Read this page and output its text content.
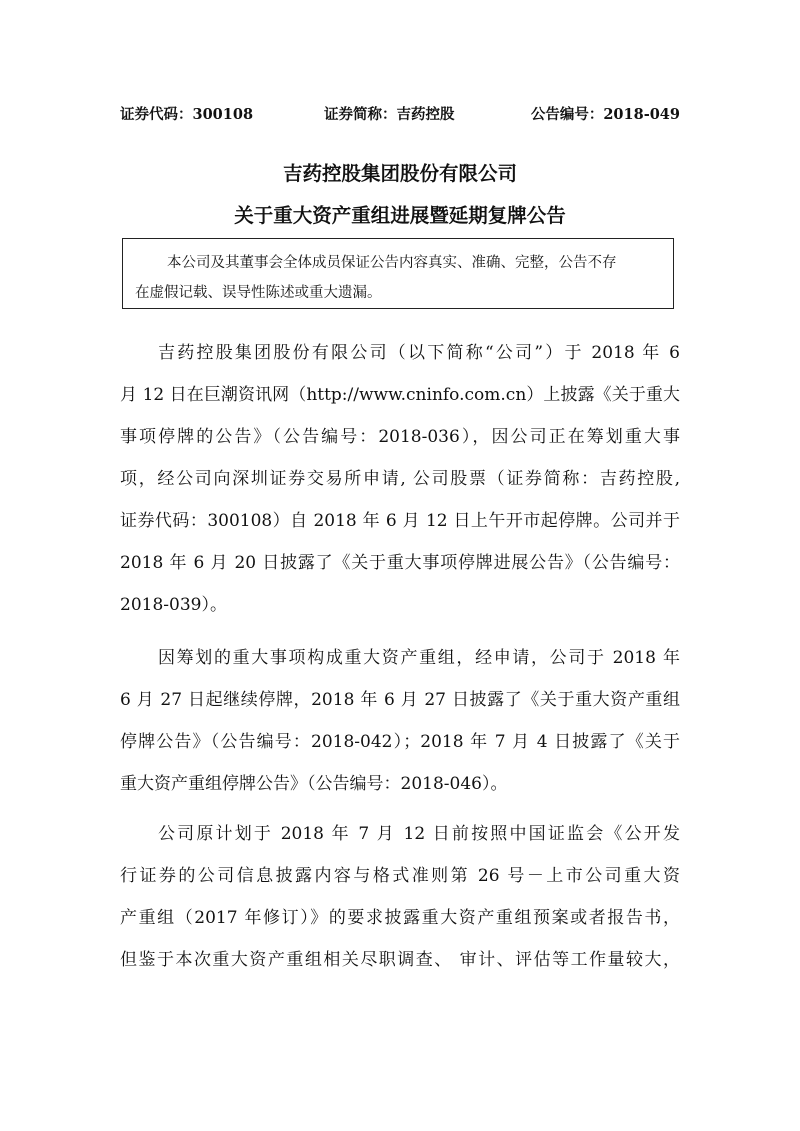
证券代码：300108	证券简称：吉药控股	公告编号：2018-049
吉药控股集团股份有限公司
关于重大资产重组进展暨延期复牌公告
本公司及其董事会全体成员保证公告内容真实、准确、完整，公告不存
在虚假记载、误导性陈述或重大遗漏。
吉药控股集团股份有限公司（以下简称“公司”）于 2018 年 6
月 12 日在巨潮资讯网（http://www.cninfo.com.cn）上披露《关于重大
事项停牌的公告》（公告编号：2018-036），因公司正在筹划重大事
项，经公司向深圳证券交易所申请, 公司股票（证券简称：吉药控股,
证券代码：300108）自 2018 年 6 月 12 日上午开市起停牌。公司并于
2018 年 6 月 20 日披露了《关于重大事项停牌进展公告》（公告编号：
2018-039）。
因筹划的重大事项构成重大资产重组，经申请，公司于 2018 年
6 月 27 日起继续停牌，2018 年 6 月 27 日披露了《关于重大资产重组
停牌公告》（公告编号：2018-042）；2018 年 7 月 4 日披露了《关于
重大资产重组停牌公告》（公告编号：2018-046）。
公司原计划于 2018 年 7 月 12 日前按照中国证监会《公开发
行证券的公司信息披露内容与格式准则第 26 号－上市公司重大资
产重组（2017 年修订）》的要求披露重大资产重组预案或者报告书，
但鉴于本次重大资产重组相关尽职调查、 审计、评估等工作量较大，
